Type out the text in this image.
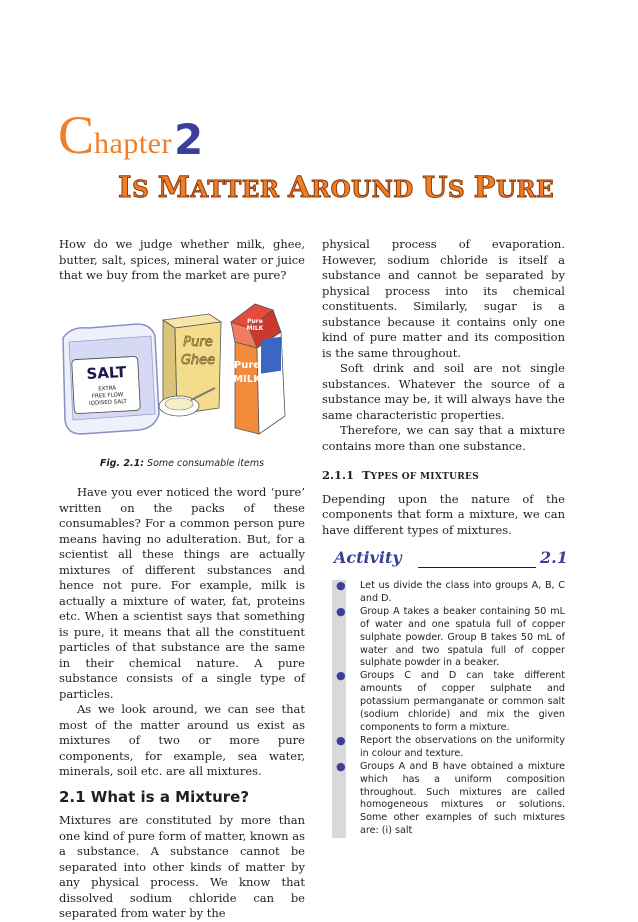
Chapter2
IS MATTER AROUND US PURE

How do we judge whether milk, ghee, butter, salt, spices, mineral water or juice that we buy from the market are pure?

SALT
EXTRA
FREE FLOW
IODISED SALT
Pure
Ghee
Pure
MILK
Pure
MILK
Pure
MILK
Fig. 2.1: Some consumable items

Have you ever noticed the word ‘pure’ written on the packs of these consumables? For a common person pure means having no adulteration. But, for a scientist all these things are actually mixtures of different substances and hence not pure. For example, milk is actually a mixture of water, fat, proteins etc. When a scientist says that something is pure, it means that all the constituent particles of that substance are the same in their chemical nature. A pure substance consists of a single type of particles.

As we look around, we can see that most of the matter around us exist as mixtures of two or more pure components, for example, sea water, minerals, soil etc. are all mixtures.

2.1 What is a Mixture?

Mixtures are constituted by more than one kind of pure form of matter, known as a substance. A substance cannot be separated into other kinds of matter by any physical process. We know that dissolved sodium chloride can be separated from water by the

physical process of evaporation. However, sodium chloride is itself a substance and cannot be separated by physical process into its chemical constituents. Similarly, sugar is a substance because it contains only one kind of pure matter and its composition is the same throughout.

Soft drink and soil are not single substances. Whatever the source of a substance may be, it will always have the same characteristic properties.

Therefore, we can say that a mixture contains more than one substance.

2.1.1 TYPES OF MIXTURES

Depending upon the nature of the components that form a mixture, we can have different types of mixtures.

Activity	2.1
● Let us divide the class into groups A, B, C and D.
● Group A takes a beaker containing 50 mL of water and one spatula full of copper sulphate powder. Group B takes 50 mL of water and two spatula full of copper sulphate powder in a beaker.
● Groups C and D can take different amounts of copper sulphate and potassium permanganate or common salt (sodium chloride) and mix the given components to form a mixture.
● Report the observations on the uniformity in colour and texture.
● Groups A and B have obtained a mixture which has a uniform composition throughout. Such mixtures are called homogeneous mixtures or solutions. Some other examples of such mixtures are: (i) salt
